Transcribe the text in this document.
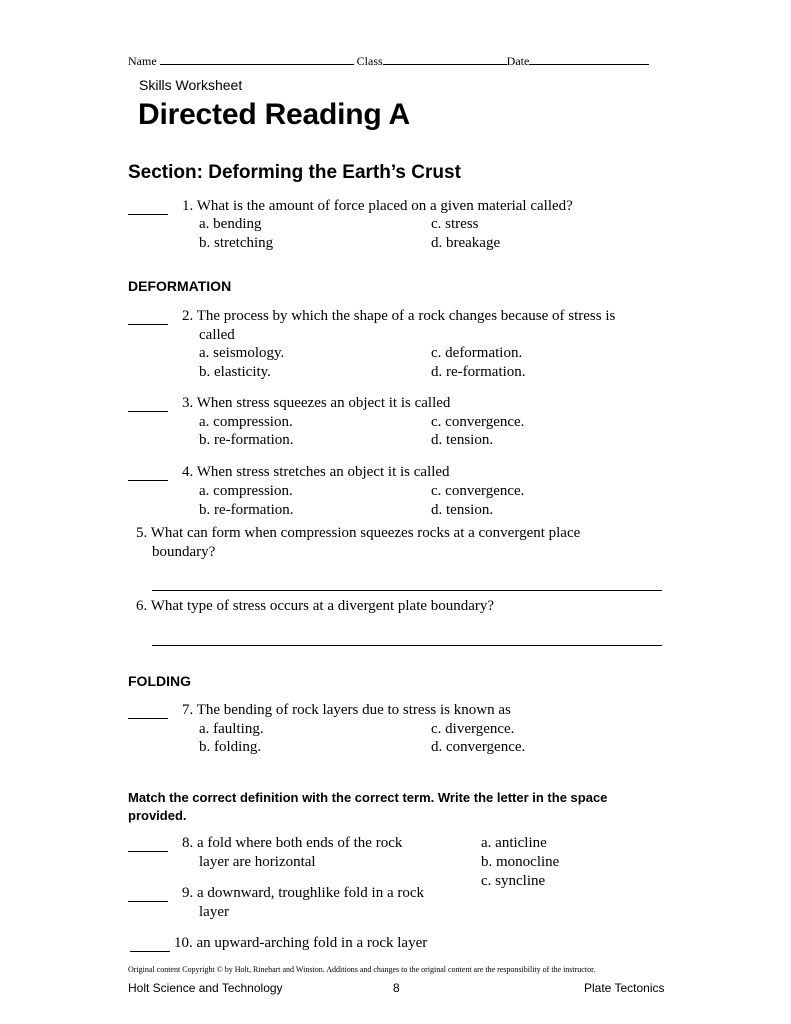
Name	Class	Date
Skills Worksheet
Directed Reading A
Section: Deforming the Earth’s Crust
1. What is the amount of force placed on a given material called?
a. bending	c. stress
b. stretching	d. breakage
DEFORMATION
2. The process by which the shape of a rock changes because of stress is
called
a. seismology.	c. deformation.
b. elasticity.	d. re-formation.
3. When stress squeezes an object it is called
a. compression.	c. convergence.
b. re-formation.	d. tension.
4. When stress stretches an object it is called
a. compression.	c. convergence.
b. re-formation.	d. tension.
5. What can form when compression squeezes rocks at a convergent place
boundary?
6. What type of stress occurs at a divergent plate boundary?
FOLDING
7. The bending of rock layers due to stress is known as
a. faulting.	c. divergence.
b. folding.	d. convergence.
Match the correct definition with the correct term. Write the letter in the space provided.
8. a fold where both ends of the rock
layer are horizontal
a. anticline
b. monocline
c. syncline
9. a downward, troughlike fold in a rock
layer
10. an upward-arching fold in a rock layer
Original content Copyright © by Holt, Rinehart and Winston. Additions and changes to the original content are the responsibility of the instructor.
Holt Science and Technology	8	Plate Tectonics
